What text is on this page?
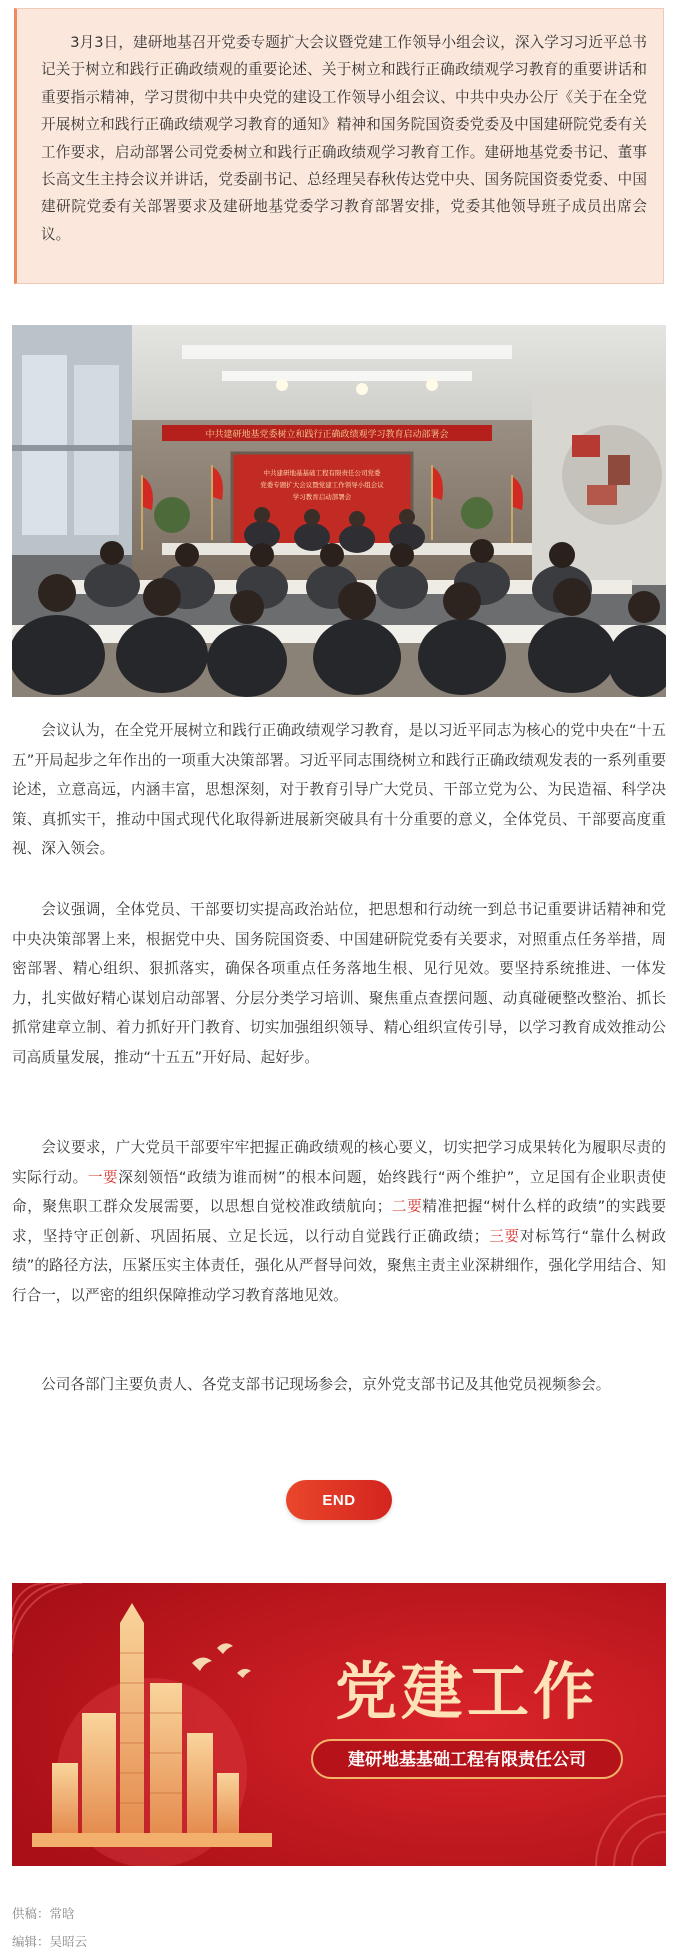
3月3日，建研地基召开党委专题扩大会议暨党建工作领导小组会议，深入学习习近平总书记关于树立和践行正确政绩观的重要论述、关于树立和践行正确政绩观学习教育的重要讲话和重要指示精神，学习贯彻中共中央党的建设工作领导小组会议、中共中央办公厅《关于在全党开展树立和践行正确政绩观学习教育的通知》精神和国务院国资委党委及中国建研院党委有关工作要求，启动部署公司党委树立和践行正确政绩观学习教育工作。建研地基党委书记、董事长高文生主持会议并讲话，党委副书记、总经理吴春秋传达党中央、国务院国资委党委、中国建研院党委有关部署要求及建研地基党委学习教育部署安排，党委其他领导班子成员出席会议。

中共建研地基党委树立和践行正确政绩观学习教育启动部署会
中共建研地基基础工程有限责任公司党委
党委专题扩大会议暨党建工作领导小组会议
学习教育启动部署会

会议认为，在全党开展树立和践行正确政绩观学习教育，是以习近平同志为核心的党中央在“十五五”开局起步之年作出的一项重大决策部署。习近平同志围绕树立和践行正确政绩观发表的一系列重要论述，立意高远，内涵丰富，思想深刻，对于教育引导广大党员、干部立党为公、为民造福、科学决策、真抓实干，推动中国式现代化取得新进展新突破具有十分重要的意义，全体党员、干部要高度重视、深入领会。

会议强调，全体党员、干部要切实提高政治站位，把思想和行动统一到总书记重要讲话精神和党中央决策部署上来，根据党中央、国务院国资委、中国建研院党委有关要求，对照重点任务举措，周密部署、精心组织、狠抓落实，确保各项重点任务落地生根、见行见效。要坚持系统推进、一体发力，扎实做好精心谋划启动部署、分层分类学习培训、聚焦重点查摆问题、动真碰硬整改整治、抓长抓常建章立制、着力抓好开门教育、切实加强组织领导、精心组织宣传引导，以学习教育成效推动公司高质量发展，推动“十五五”开好局、起好步。

会议要求，广大党员干部要牢牢把握正确政绩观的核心要义，切实把学习成果转化为履职尽责的实际行动。一要深刻领悟“政绩为谁而树”的根本问题，始终践行“两个维护”，立足国有企业职责使命，聚焦职工群众发展需要，以思想自觉校准政绩航向；二要精准把握“树什么样的政绩”的实践要求，坚持守正创新、巩固拓展、立足长远，以行动自觉践行正确政绩；三要对标笃行“靠什么树政绩”的路径方法，压紧压实主体责任，强化从严督导问效，聚焦主责主业深耕细作，强化学用结合、知行合一，以严密的组织保障推动学习教育落地见效。

公司各部门主要负责人、各党支部书记现场参会，京外党支部书记及其他党员视频参会。

END
党建工作
建研地基基础工程有限责任公司
供稿：常晗
编辑：吴昭云
